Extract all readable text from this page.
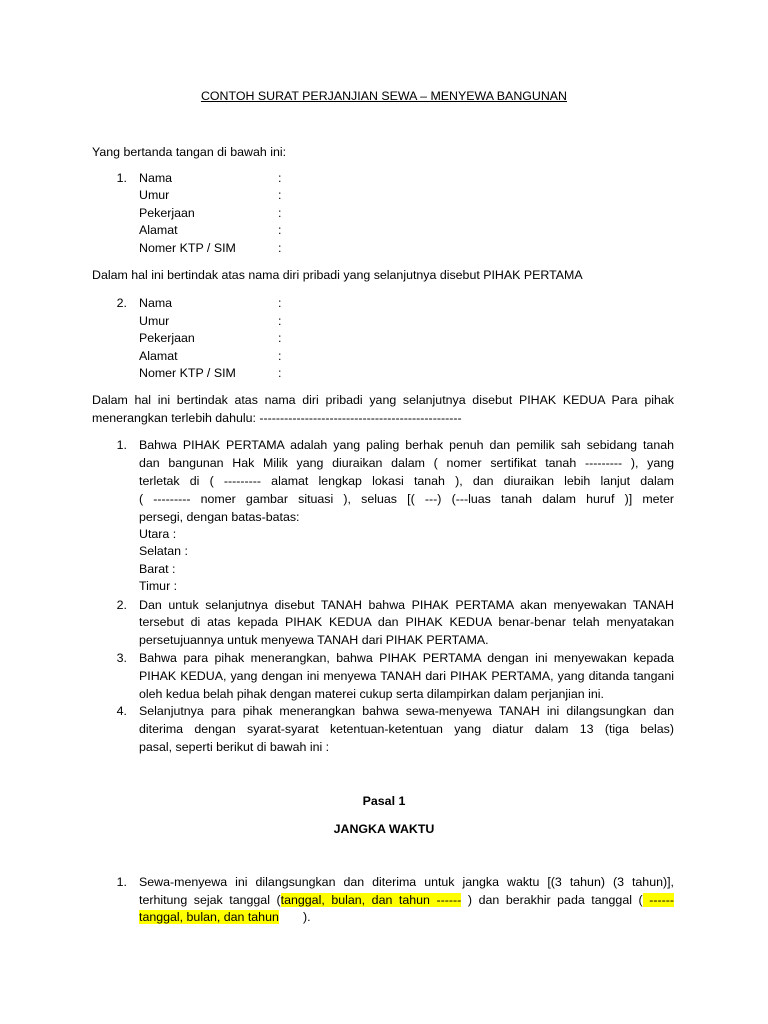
CONTOH SURAT PERJANJIAN SEWA – MENYEWA BANGUNAN
Yang bertanda tangan di bawah ini:
1. Nama
Umur
Pekerjaan
Alamat
Nomer KTP / SIM
:
:
:
:
:
Dalam hal ini bertindak atas nama diri pribadi yang selanjutnya disebut PIHAK PERTAMA
2. Nama
Umur
Pekerjaan
Alamat
Nomer KTP / SIM
:
:
:
:
:
Dalam hal ini bertindak atas nama diri pribadi yang selanjutnya disebut PIHAK KEDUA Para pihak
menerangkan terlebih dahulu: -------------------------------------------------
1. Bahwa PIHAK PERTAMA adalah yang paling berhak penuh dan pemilik sah sebidang tanah
dan bangunan Hak Milik yang diuraikan dalam ( nomer sertifikat tanah --------- ), yang
terletak di ( --------- alamat lengkap lokasi tanah ), dan diuraikan lebih lanjut dalam
( --------- nomer gambar situasi ), seluas [( ---) (---luas tanah dalam huruf )] meter
persegi, dengan batas-batas:
Utara :
Selatan :
Barat :
Timur :
2. Dan untuk selanjutnya disebut TANAH bahwa PIHAK PERTAMA akan menyewakan TANAH
tersebut di atas kepada PIHAK KEDUA dan PIHAK KEDUA benar-benar telah menyatakan
persetujuannya untuk menyewa TANAH dari PIHAK PERTAMA.
3. Bahwa para pihak menerangkan, bahwa PIHAK PERTAMA dengan ini menyewakan kepada
PIHAK KEDUA, yang dengan ini menyewa TANAH dari PIHAK PERTAMA, yang ditanda tangani
oleh kedua belah pihak dengan materei cukup serta dilampirkan dalam perjanjian ini.
4. Selanjutnya para pihak menerangkan bahwa sewa-menyewa TANAH ini dilangsungkan dan
diterima dengan syarat-syarat ketentuan-ketentuan yang diatur dalam 13 (tiga belas)
pasal, seperti berikut di bawah ini :
Pasal 1
JANGKA WAKTU
1. Sewa-menyewa ini dilangsungkan dan diterima untuk jangka waktu [(3 tahun) (3 tahun)],
terhitung sejak tanggal (tanggal, bulan, dan tahun ------ ) dan berakhir pada tanggal ( ------
tanggal, bulan, dan tahun       ).
